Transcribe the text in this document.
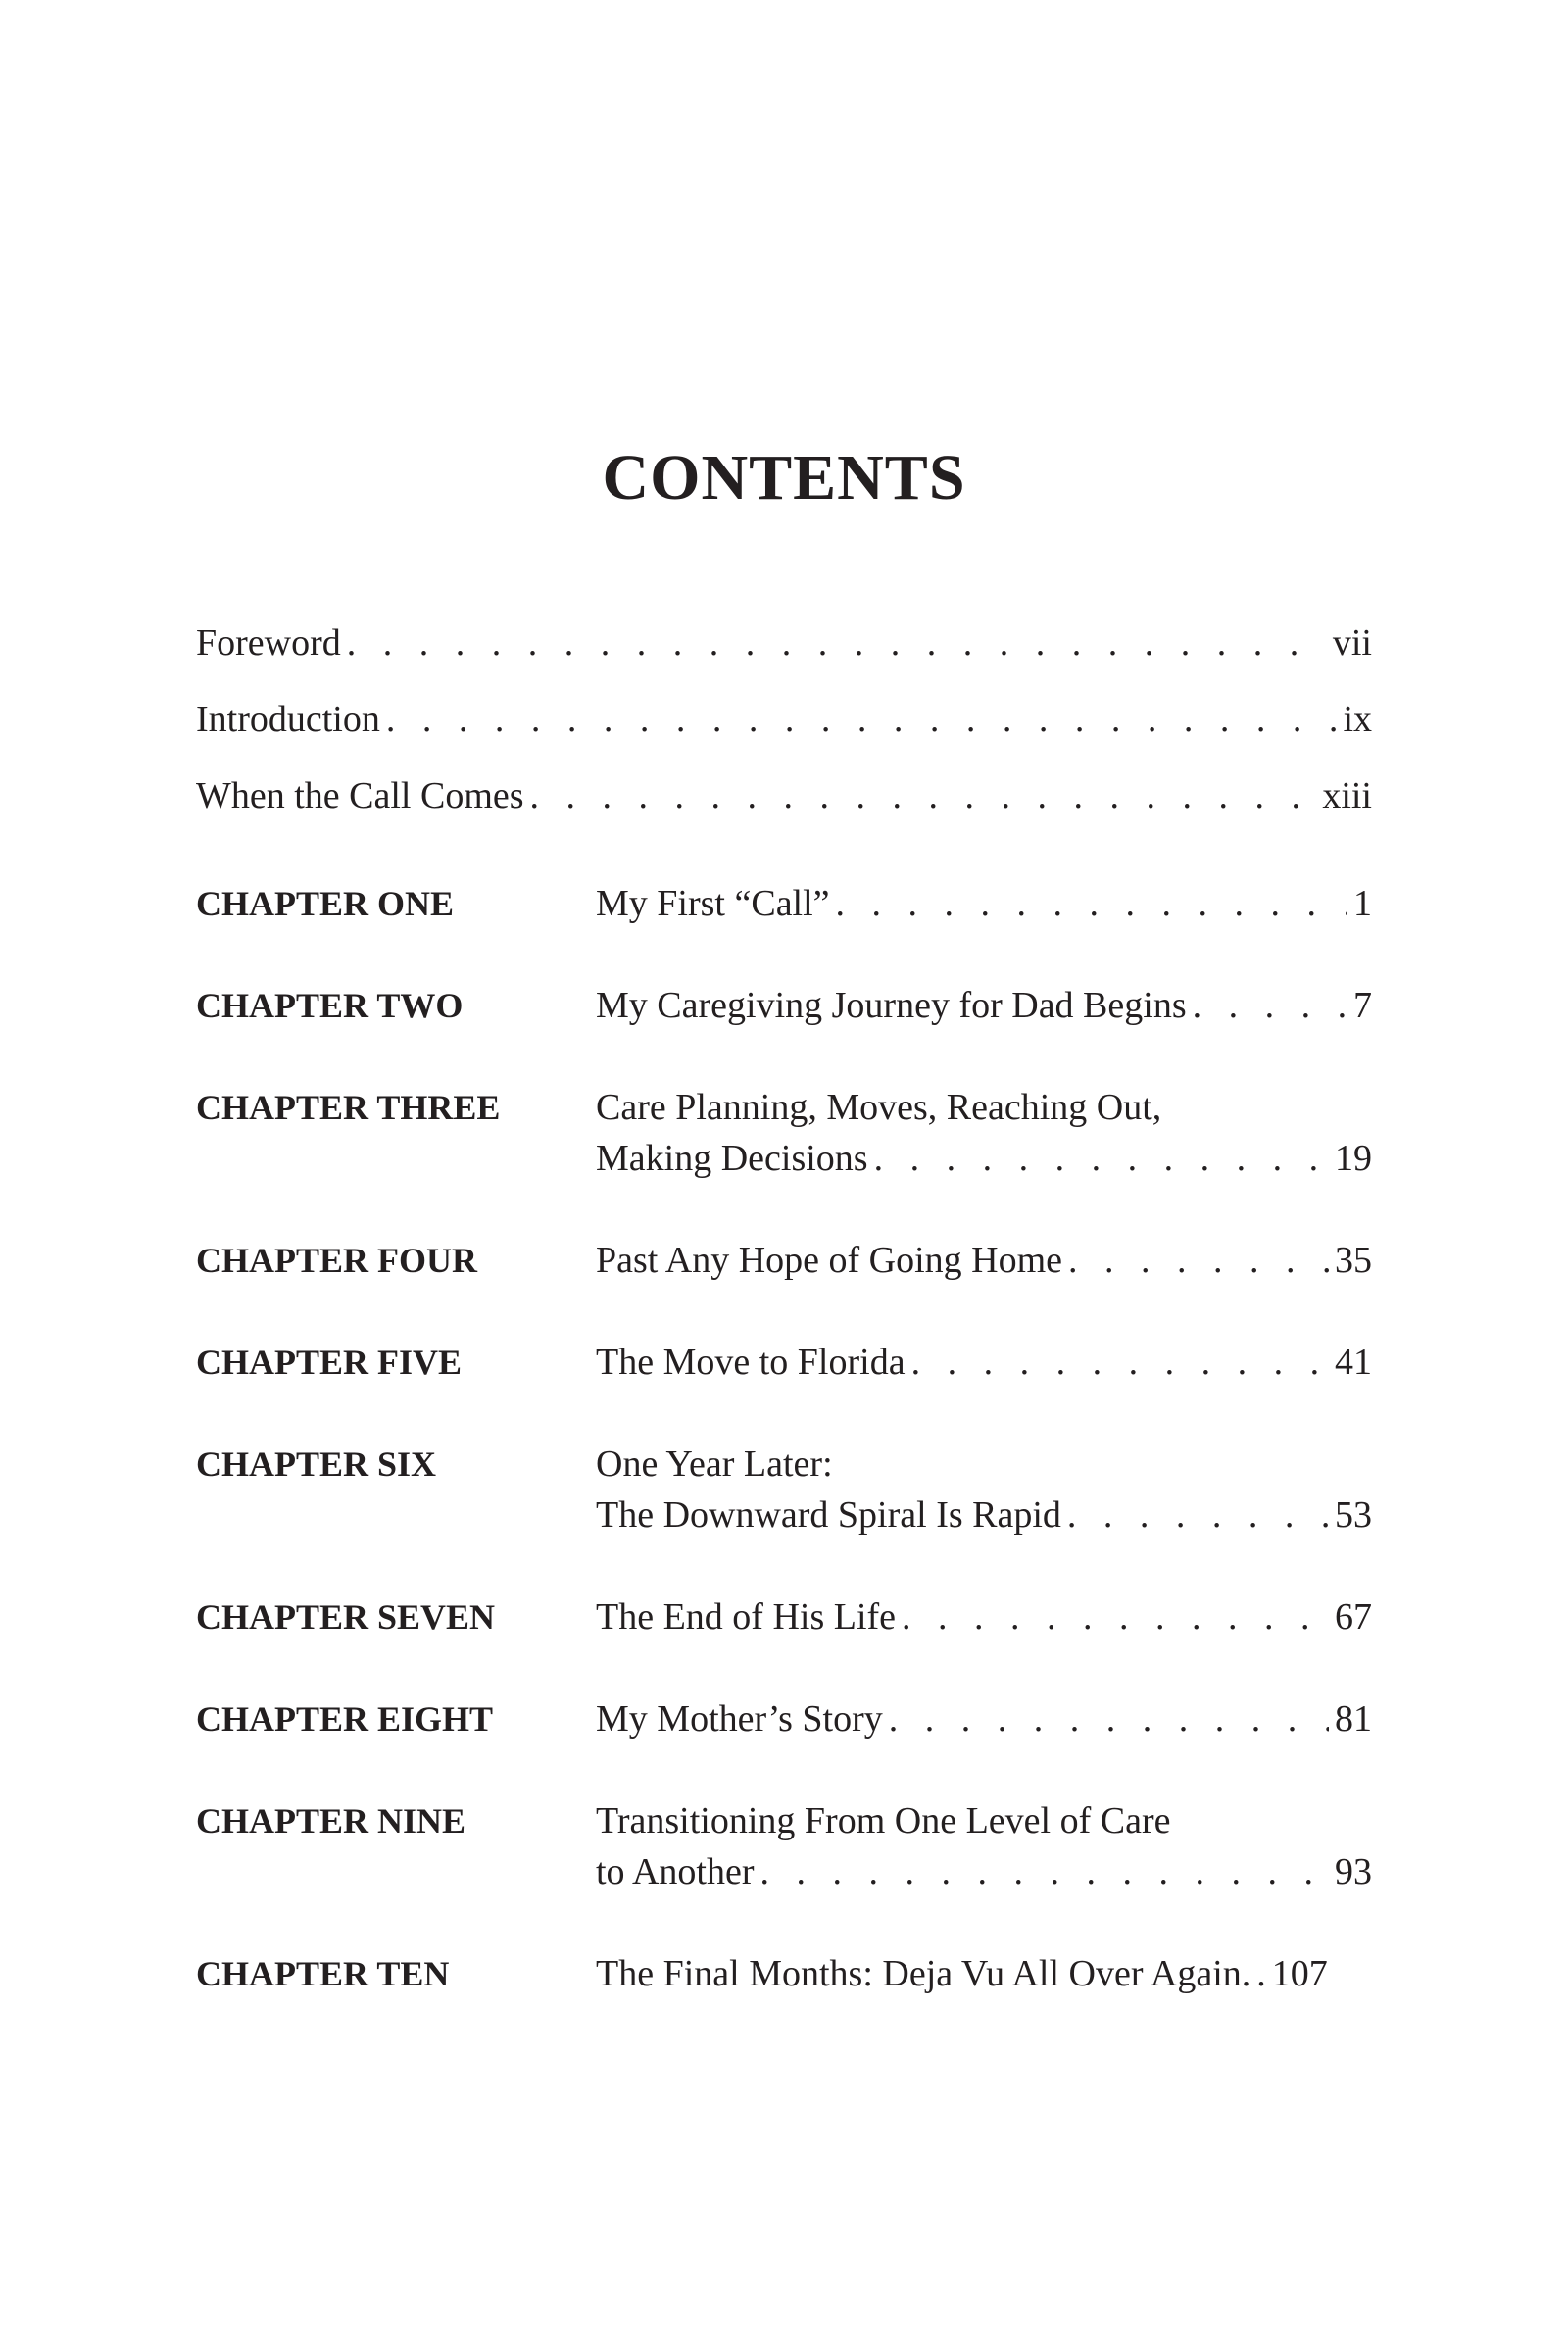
CONTENTS
Foreword . . .	vii
Introduction . . .	ix
When the Call Comes . . .	xiii
CHAPTER ONE	My First “Call” . . .	1
CHAPTER TWO	My Caregiving Journey for Dad Begins . . .	7
CHAPTER THREE	Care Planning, Moves, Reaching Out,
Making Decisions . . .	19
CHAPTER FOUR	Past Any Hope of Going Home . . .	35
CHAPTER FIVE	The Move to Florida . . .	41
CHAPTER SIX	One Year Later:
The Downward Spiral Is Rapid . . .	53
CHAPTER SEVEN	The End of His Life . . .	67
CHAPTER EIGHT	My Mother’s Story . . .	81
CHAPTER NINE	Transitioning From One Level of Care
to Another . . .	93
CHAPTER TEN	The Final Months: Deja Vu All Over Again. . 107
